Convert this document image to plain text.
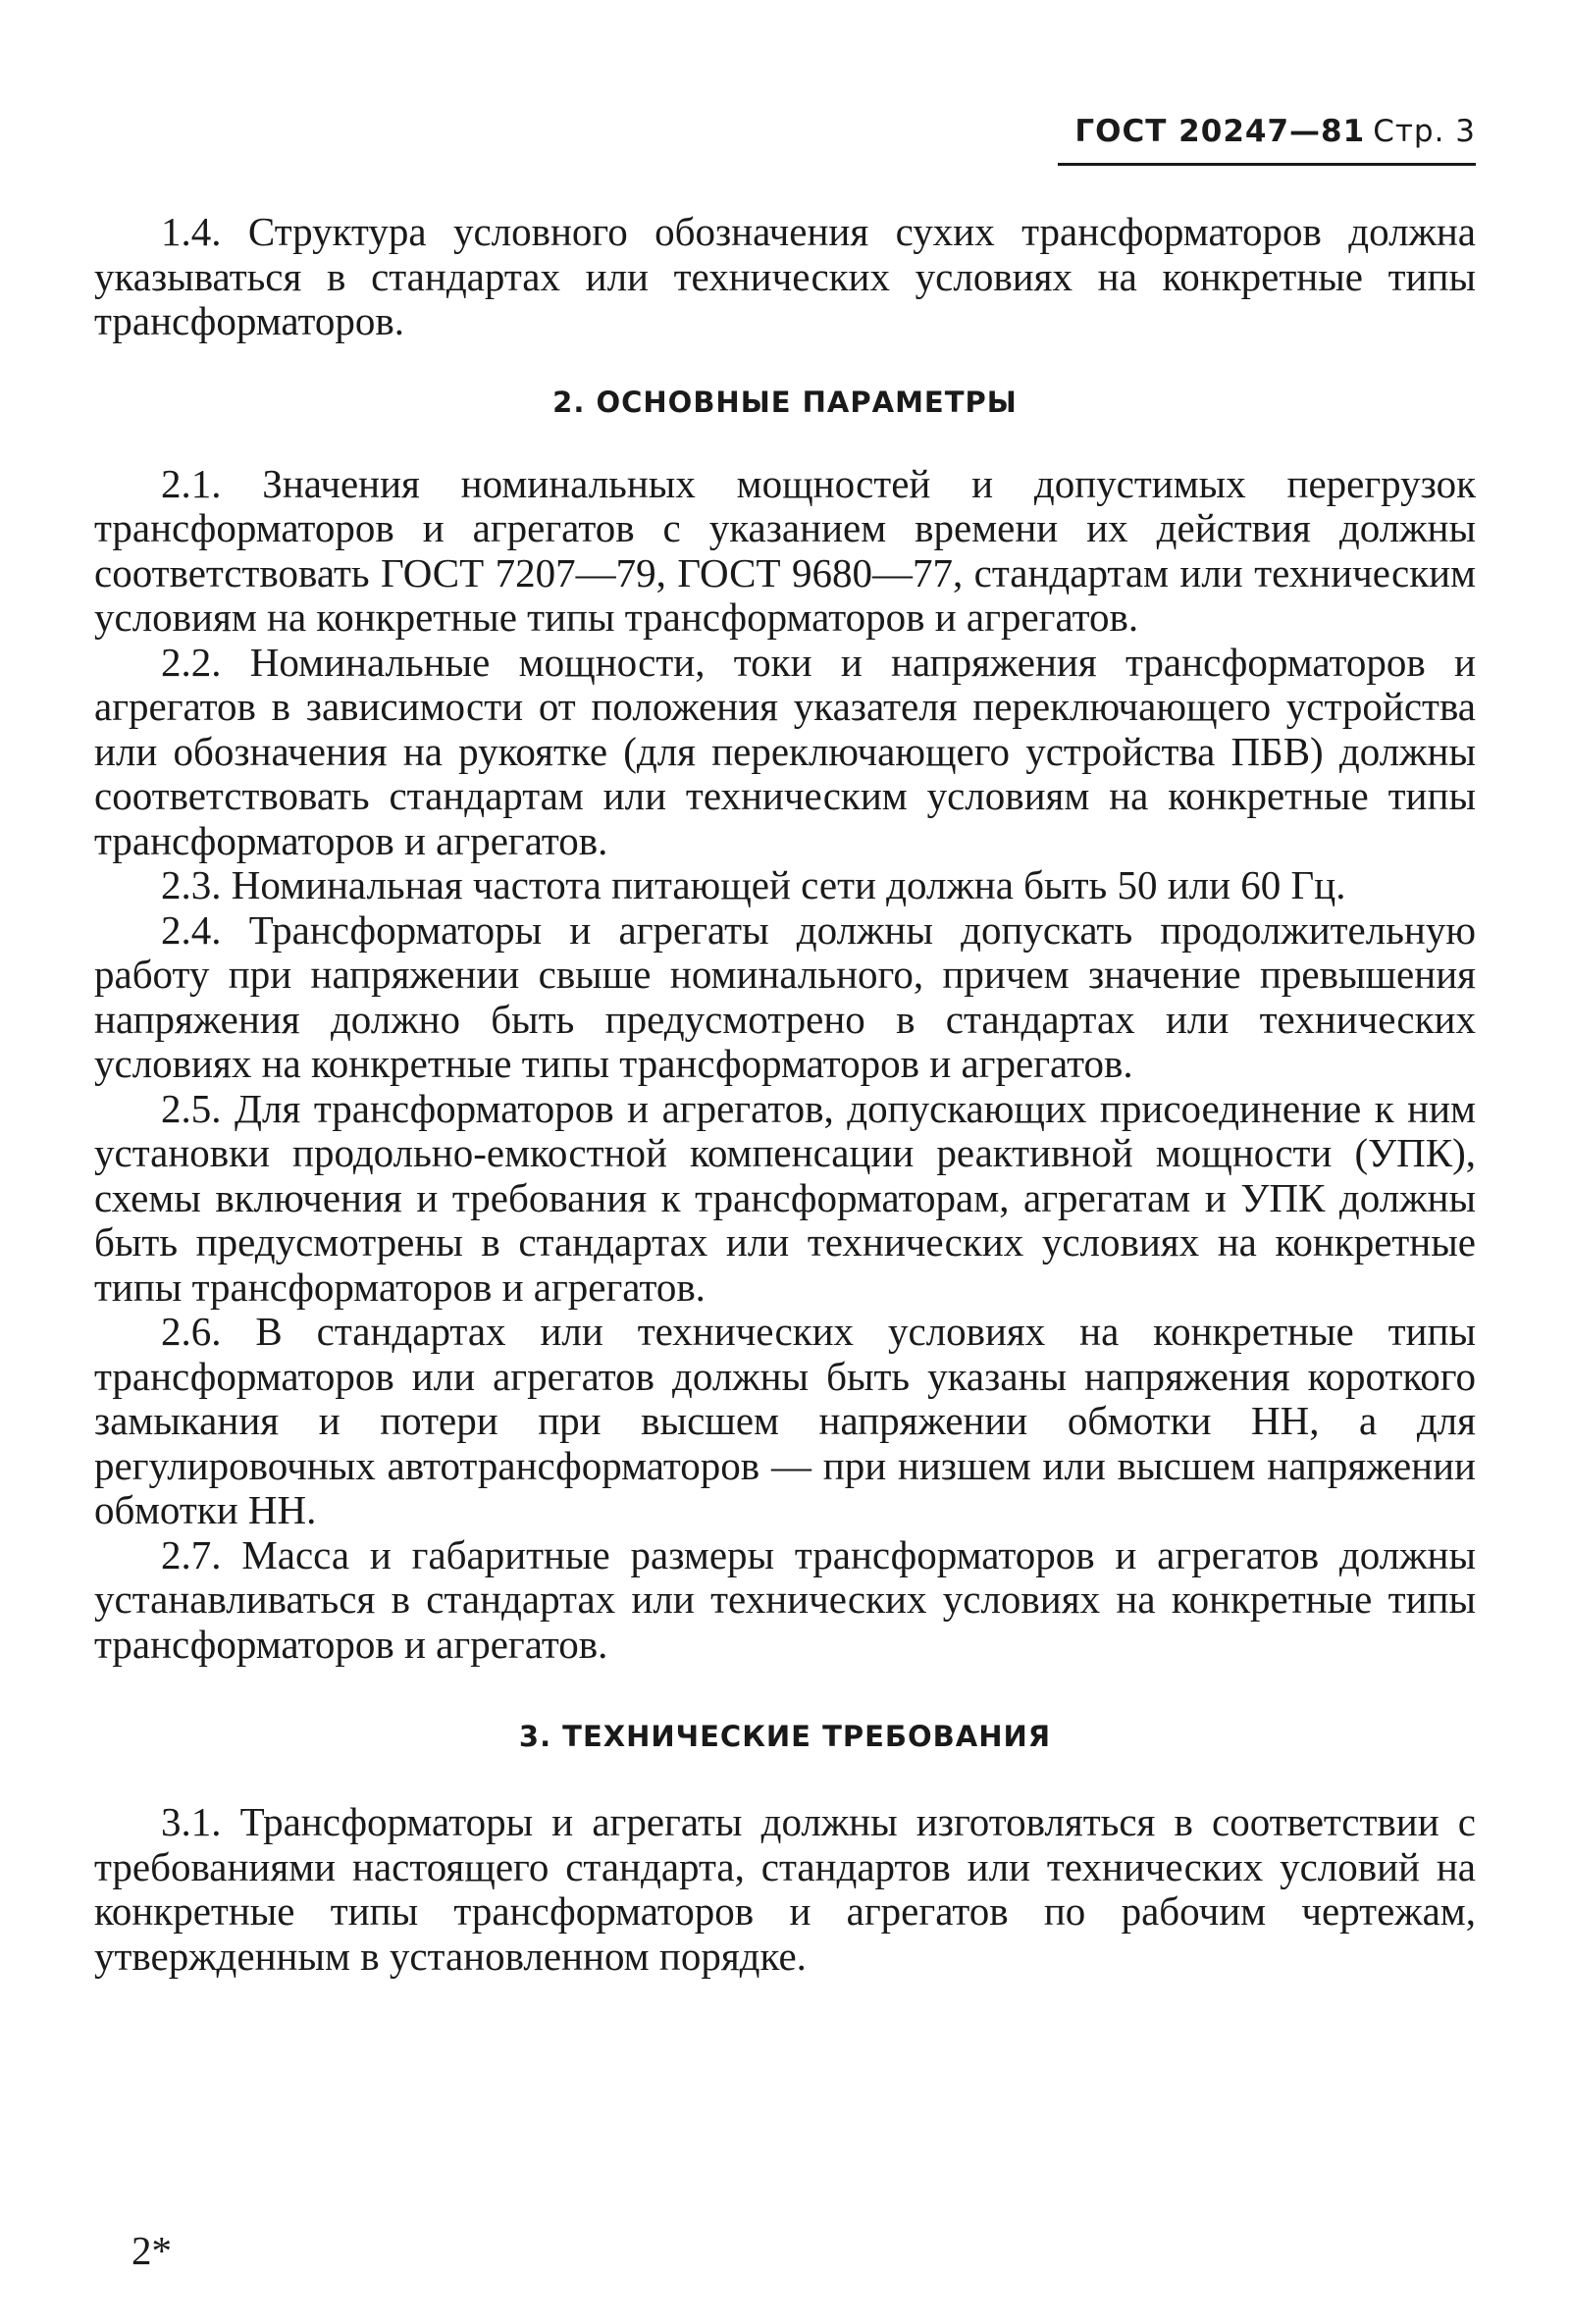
ГОСТ 20247—81 Стр. 3

1.4. Структура условного обозначения сухих трансформаторов должна указываться в стандартах или технических условиях на конкретные типы трансформаторов.

2. ОСНОВНЫЕ ПАРАМЕТРЫ

2.1. Значения номинальных мощностей и допустимых перегрузок трансформаторов и агрегатов с указанием времени их действия должны соответствовать ГОСТ 7207—79, ГОСТ 9680—77, стандартам или техническим условиям на конкретные типы трансформаторов и агрегатов.

2.2. Номинальные мощности, токи и напряжения трансформаторов и агрегатов в зависимости от положения указателя переключающего устройства или обозначения на рукоятке (для переключающего устройства ПБВ) должны соответствовать стандартам или техническим условиям на конкретные типы трансформаторов и агрегатов.

2.3. Номинальная частота питающей сети должна быть 50 или 60 Гц.

2.4. Трансформаторы и агрегаты должны допускать продолжительную работу при напряжении свыше номинального, причем значение превышения напряжения должно быть предусмотрено в стандартах или технических условиях на конкретные типы трансформаторов и агрегатов.

2.5. Для трансформаторов и агрегатов, допускающих присоединение к ним установки продольно-емкостной компенсации реактивной мощности (УПК), схемы включения и требования к трансформаторам, агрегатам и УПК должны быть предусмотрены в стандартах или технических условиях на конкретные типы трансформаторов и агрегатов.

2.6. В стандартах или технических условиях на конкретные типы трансформаторов или агрегатов должны быть указаны напряжения короткого замыкания и потери при высшем напряжении обмотки НН, а для регулировочных автотрансформаторов — при низшем или высшем напряжении обмотки НН.

2.7. Масса и габаритные размеры трансформаторов и агрегатов должны устанавливаться в стандартах или технических условиях на конкретные типы трансформаторов и агрегатов.

3. ТЕХНИЧЕСКИЕ ТРЕБОВАНИЯ

3.1. Трансформаторы и агрегаты должны изготовляться в соответствии с требованиями настоящего стандарта, стандартов или технических условий на конкретные типы трансформаторов и агрегатов по рабочим чертежам, утвержденным в установленном порядке.

2*
